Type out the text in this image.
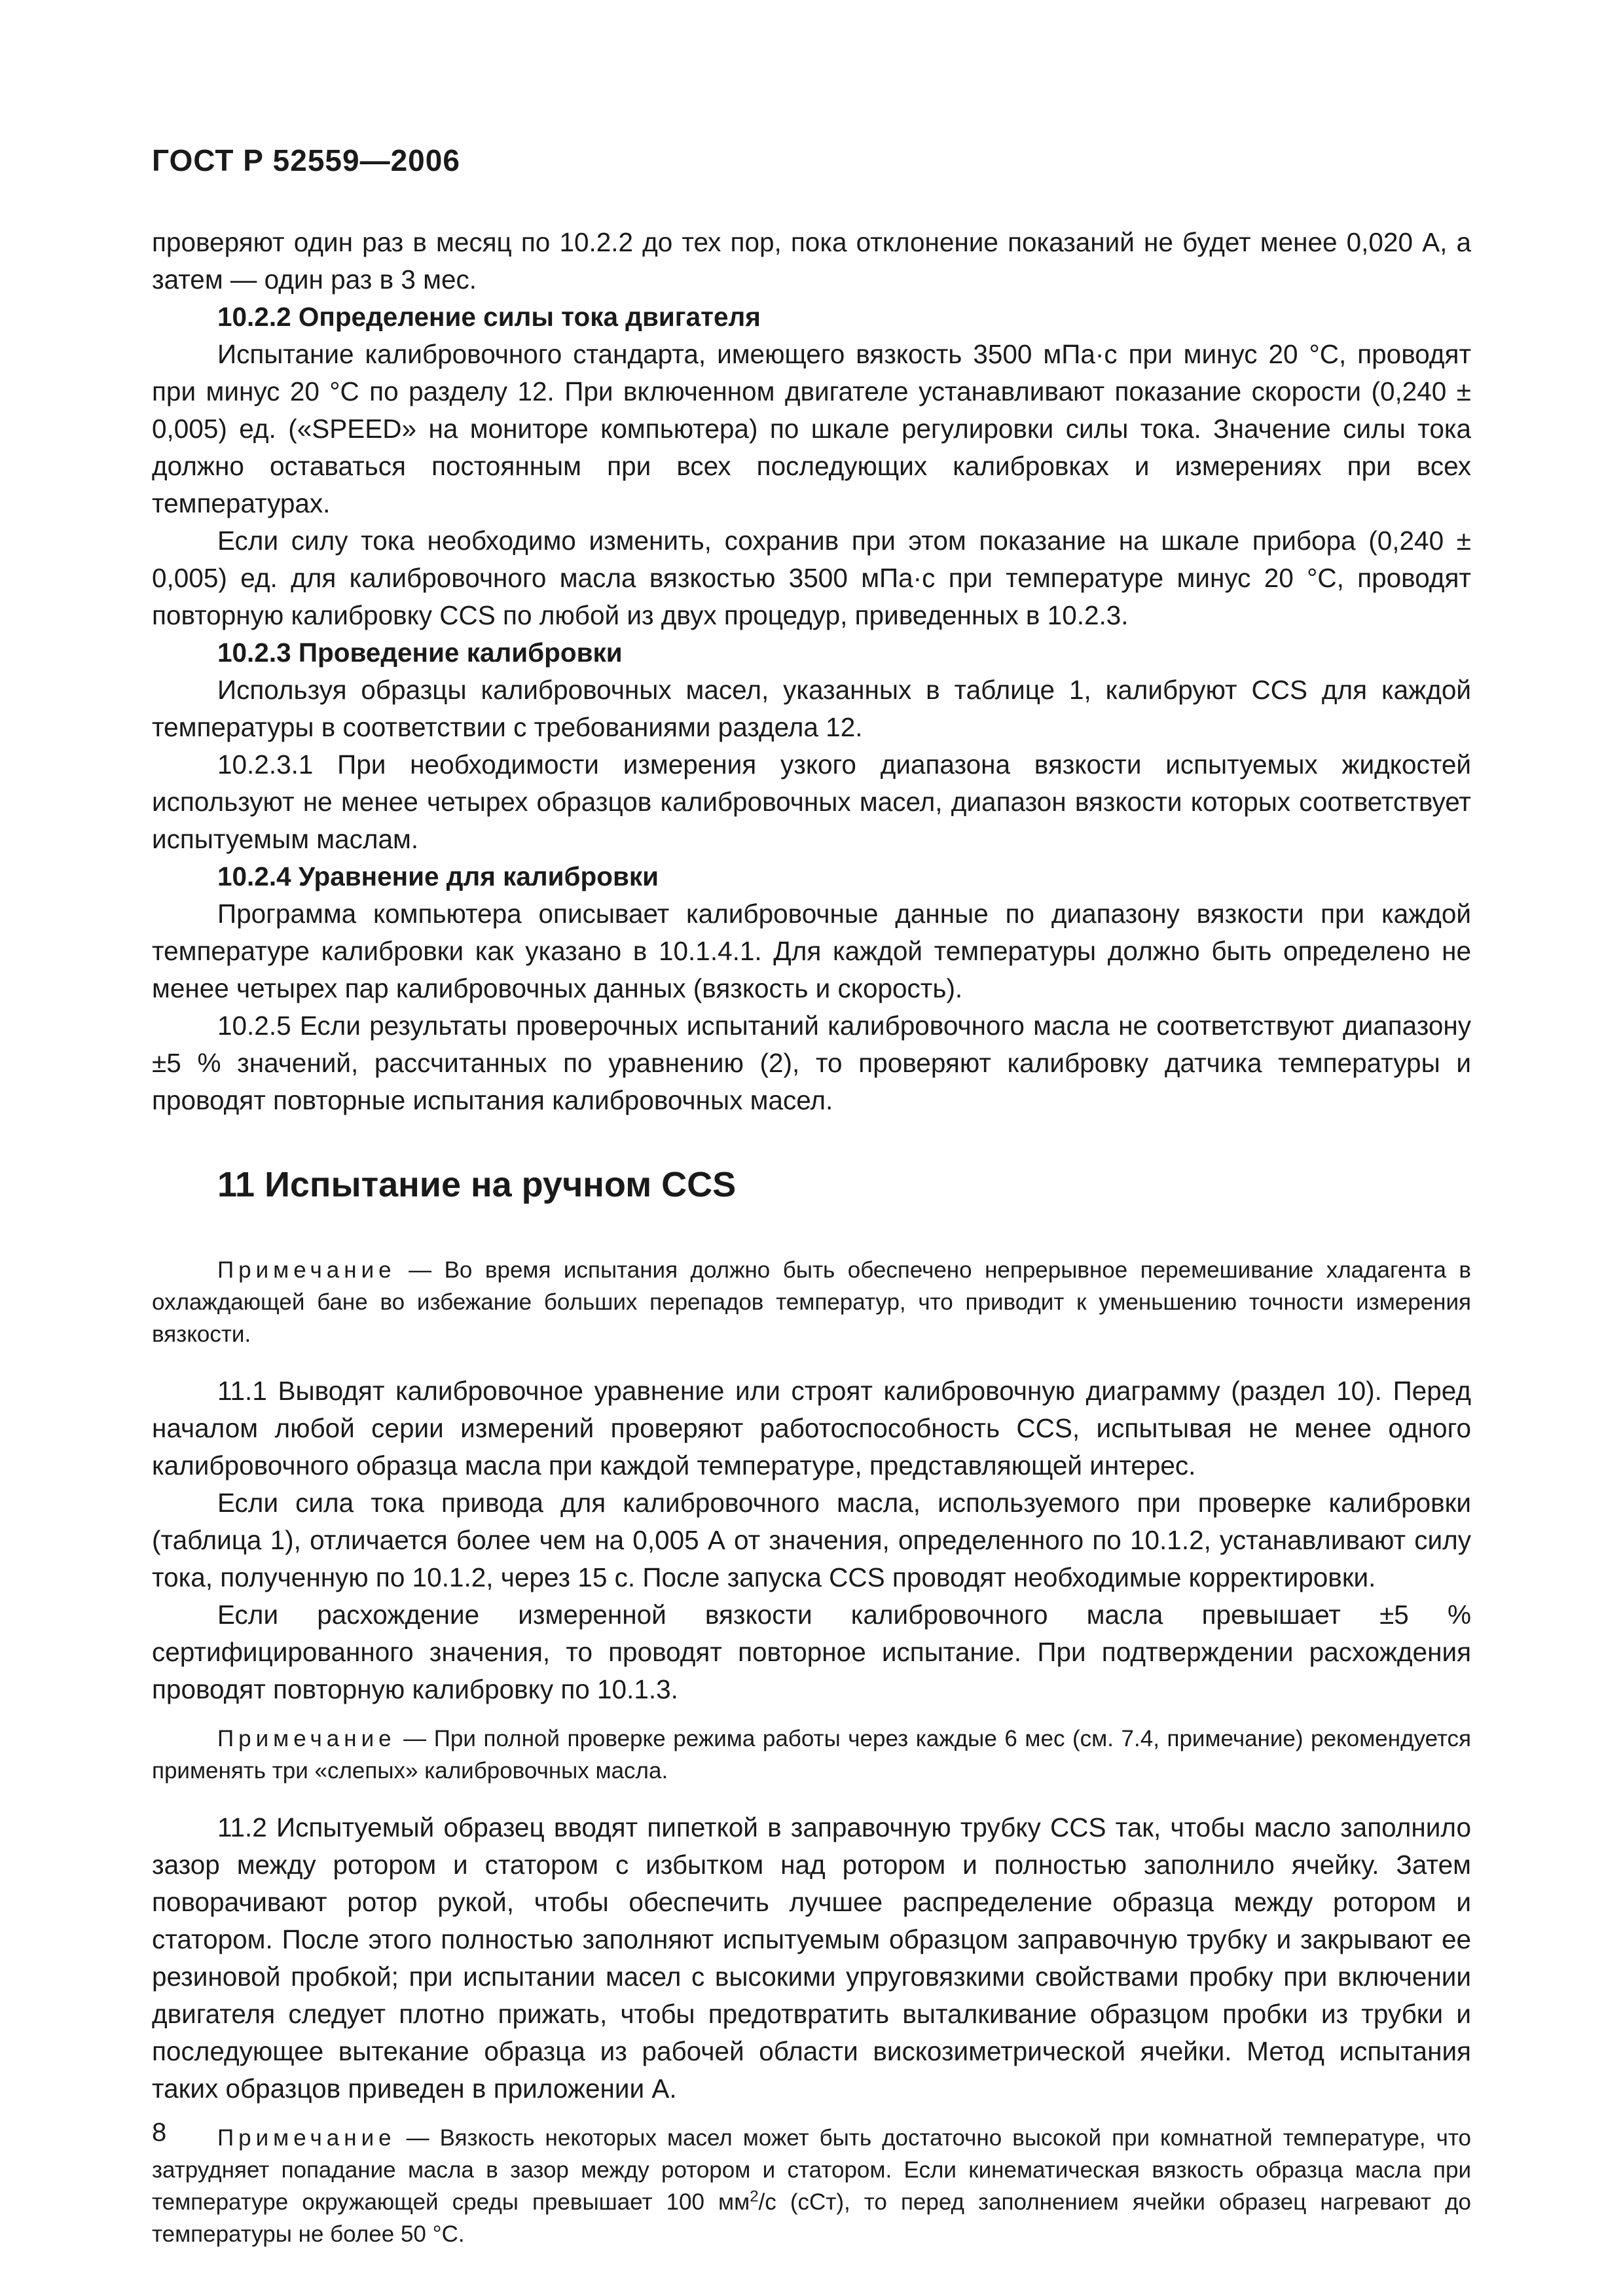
ГОСТ Р 52559—2006

проверяют один раз в месяц по 10.2.2 до тех пор, пока отклонение показаний не будет менее 0,020 А, а затем — один раз в 3 мес.

10.2.2 Определение силы тока двигателя

Испытание калибровочного стандарта, имеющего вязкость 3500 мПа·с при минус 20 °С, проводят при минус 20 °С по разделу 12. При включенном двигателе устанавливают показание скорости (0,240 ± 0,005) ед. («SPEED» на мониторе компьютера) по шкале регулировки силы тока. Значение силы тока должно оставаться постоянным при всех последующих калибровках и измерениях при всех температурах.

Если силу тока необходимо изменить, сохранив при этом показание на шкале прибора (0,240 ± 0,005) ед. для калибровочного масла вязкостью 3500 мПа·с при температуре минус 20 °С, проводят повторную калибровку CCS по любой из двух процедур, приведенных в 10.2.3.

10.2.3 Проведение калибровки

Используя образцы калибровочных масел, указанных в таблице 1, калибруют CCS для каждой температуры в соответствии с требованиями раздела 12.

10.2.3.1 При необходимости измерения узкого диапазона вязкости испытуемых жидкостей используют не менее четырех образцов калибровочных масел, диапазон вязкости которых соответствует испытуемым маслам.

10.2.4 Уравнение для калибровки

Программа компьютера описывает калибровочные данные по диапазону вязкости при каждой температуре калибровки как указано в 10.1.4.1. Для каждой температуры должно быть определено не менее четырех пар калибровочных данных (вязкость и скорость).

10.2.5 Если результаты проверочных испытаний калибровочного масла не соответствуют диапазону ±5 % значений, рассчитанных по уравнению (2), то проверяют калибровку датчика температуры и проводят повторные испытания калибровочных масел.

11 Испытание на ручном CCS

Примечание — Во время испытания должно быть обеспечено непрерывное перемешивание хладагента в охлаждающей бане во избежание больших перепадов температур, что приводит к уменьшению точности измерения вязкости.

11.1 Выводят калибровочное уравнение или строят калибровочную диаграмму (раздел 10). Перед началом любой серии измерений проверяют работоспособность CCS, испытывая не менее одного калибровочного образца масла при каждой температуре, представляющей интерес.

Если сила тока привода для калибровочного масла, используемого при проверке калибровки (таблица 1), отличается более чем на 0,005 А от значения, определенного по 10.1.2, устанавливают силу тока, полученную по 10.1.2, через 15 с. После запуска CCS проводят необходимые корректировки.

Если расхождение измеренной вязкости калибровочного масла превышает ±5 % сертифицированного значения, то проводят повторное испытание. При подтверждении расхождения проводят повторную калибровку по 10.1.3.

Примечание — При полной проверке режима работы через каждые 6 мес (см. 7.4, примечание) рекомендуется применять три «слепых» калибровочных масла.

11.2 Испытуемый образец вводят пипеткой в заправочную трубку CCS так, чтобы масло заполнило зазор между ротором и статором с избытком над ротором и полностью заполнило ячейку. Затем поворачивают ротор рукой, чтобы обеспечить лучшее распределение образца между ротором и статором. После этого полностью заполняют испытуемым образцом заправочную трубку и закрывают ее резиновой пробкой; при испытании масел с высокими упруговязкими свойствами пробку при включении двигателя следует плотно прижать, чтобы предотвратить выталкивание образцом пробки из трубки и последующее вытекание образца из рабочей области вискозиметрической ячейки. Метод испытания таких образцов приведен в приложении А.

Примечание — Вязкость некоторых масел может быть достаточно высокой при комнатной температуре, что затрудняет попадание масла в зазор между ротором и статором. Если кинематическая вязкость образца масла при температуре окружающей среды превышает 100 $мм^2/с$ (сСт), то перед заполнением ячейки образец нагревают до температуры не более 50 °С.

8
